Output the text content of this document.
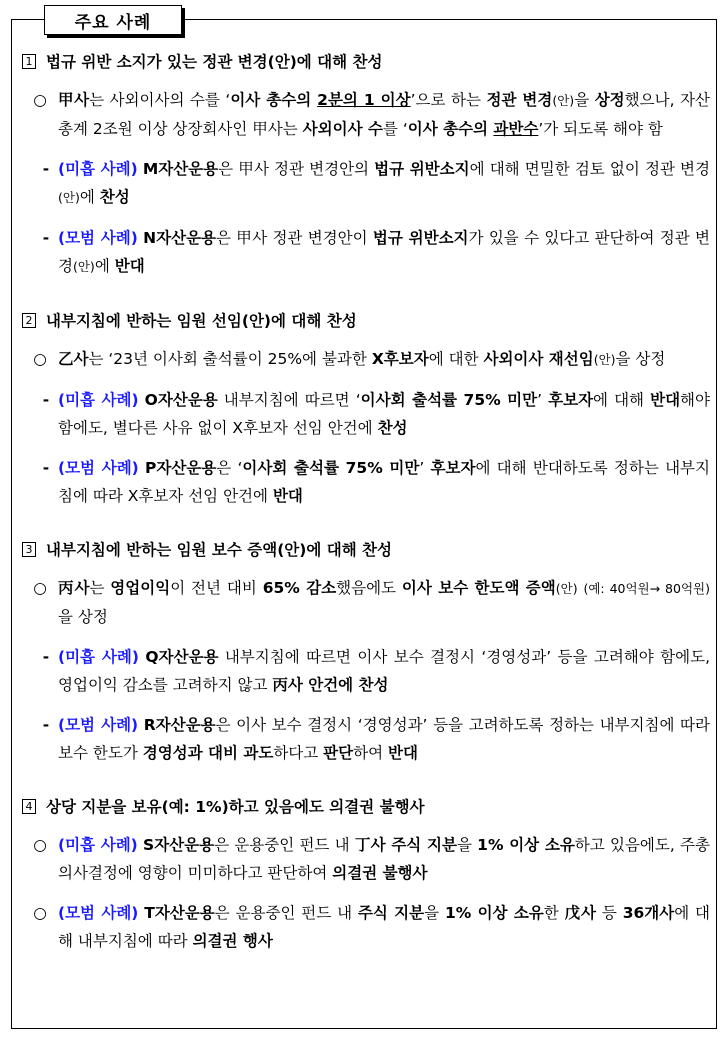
주요 사례
1 법규 위반 소지가 있는 정관 변경(안)에 대해 찬성
○ 甲사는 사외이사의 수를 ‘이사 총수의 2분의 1 이상’으로 하는 정관 변경(안)을 상정했으나, 자산총계 2조원 이상 상장회사인 甲사는 사외이사 수를 ‘이사 총수의 과반수’가 되도록 해야 함
- (미흡 사례) M자산운용은 甲사 정관 변경안의 법규 위반소지에 대해 면밀한 검토 없이 정관 변경(안)에 찬성
- (모범 사례) N자산운용은 甲사 정관 변경안이 법규 위반소지가 있을 수 있다고 판단하여 정관 변경(안)에 반대
2 내부지침에 반하는 임원 선임(안)에 대해 찬성
○ 乙사는 ‘23년 이사회 출석률이 25%에 불과한 X후보자에 대한 사외이사 재선임(안)을 상정
- (미흡 사례) O자산운용 내부지침에 따르면 ‘이사회 출석률 75% 미만’ 후보자에 대해 반대해야 함에도, 별다른 사유 없이 X후보자 선임 안건에 찬성
- (모범 사례) P자산운용은 ‘이사회 출석률 75% 미만’ 후보자에 대해 반대하도록 정하는 내부지침에 따라 X후보자 선임 안건에 반대
3 내부지침에 반하는 임원 보수 증액(안)에 대해 찬성
○ 丙사는 영업이익이 전년 대비 65% 감소했음에도 이사 보수 한도액 증액(안) (예: 40억원→ 80억원)을 상정
- (미흡 사례) Q자산운용 내부지침에 따르면 이사 보수 결정시 ‘경영성과’ 등을 고려해야 함에도, 영업이익 감소를 고려하지 않고 丙사 안건에 찬성
- (모범 사례) R자산운용은 이사 보수 결정시 ‘경영성과’ 등을 고려하도록 정하는 내부지침에 따라 보수 한도가 경영성과 대비 과도하다고 판단하여 반대
4 상당 지분을 보유(예: 1%)하고 있음에도 의결권 불행사
○ (미흡 사례) S자산운용은 운용중인 펀드 내 丁사 주식 지분을 1% 이상 소유하고 있음에도, 주총 의사결정에 영향이 미미하다고 판단하여 의결권 불행사
○ (모범 사례) T자산운용은 운용중인 펀드 내 주식 지분을 1% 이상 소유한 戊사 등 36개사에 대해 내부지침에 따라 의결권 행사
